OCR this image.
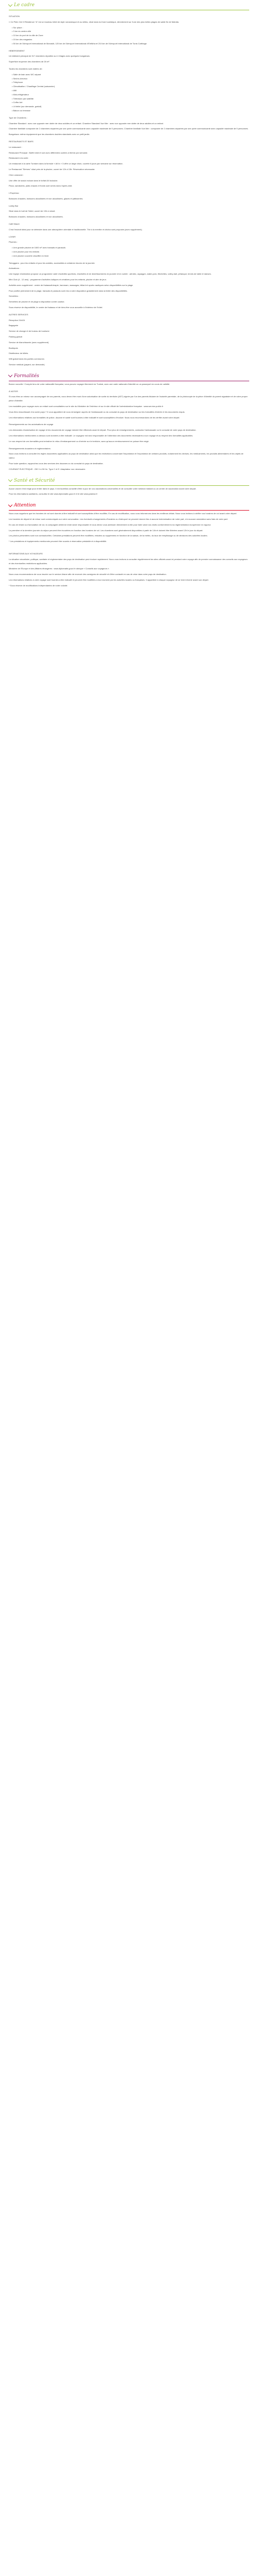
Le cadre

SITUATION

« Ce Plein Ciel II Résidence "A" est un bouleau hôtel de style romanesque et au milieu, situé dans la Zone touristique, directement sur l'une des plus belles plages de sable fin de Mahdia.

• Sur place :
• 3 km du centre-ville
• 10 km du port de la ville de Zone
• 15 km des magasins
• 50 km de l'Aéroport International de Monastir, 120 km de l'Aéroport International d'Enfidha et 210 km de l'Aéroport International de Tunis Carthage.

HEBERGEMENT

Un bâtiment principal de 317 chambres réparties sur 4 étages avec quelques bungalows.

Superficie moyenne des chambres de 28 m².

Toutes les chambres sont dotées de :

• Salle de bain avec WC séparé
• Sèche-cheveux
• Téléphone
• Climatisation / Chauffage Central (saisonnier)
• Wifi
• Mini-réfrigérateur
• Télévision par satellite
• Coffre-fort
• Lit bébé (sur demande, gratuit)
• Balcon ou terrasse

Type de Chambres :

Chambre Standard : avec vue opposée mer dotée de deux adultes et un enfant. Chambre Standard Vue Mer : avec vue opposée mer dotée de deux adultes et un enfant.

Chambre familiale composée de 2 chambres séparées par une porte communicante avec capacité maximale de 5 personnes. Chambre familiale Vue Mer : composée de 2 chambres séparées par une porte communicante avec capacité maximale de 5 personnes.

Bungalows: même équipement que les chambres doubles standards avec un petit jardin.

RESTAURANTS ET BARS

Le restaurant :

Restaurant Principal : Buffet midi et soir avec différentes soirées à thème par semaine.

Restaurant à la carte :

Un restaurant à la carte Tunisien dans la formule « All In » 3 offre un large choix, ouverte 6 jours par semaine sur réservation.

Le Restaurant "Sirènes" situé près de la piscine, ouvert de 12h à 15h. Réservation nécessaire.

Chez caravane :

Une offre de snack incluse dans le forfait All Inclusive.

Pizza, sandwichs, plats chauds et froids sont servis dans l'après-midi.

L'Espresso

Boissons chaudes, boissons alcoolisées et non alcoolisées, glaces et pâtisseries.

Lobby Bar

Situé dans le hall de l'hôtel, ouvert de 10h à minuit.

Boissons chaudes, boissons alcoolisées et non alcoolisées.

Café Maure

C'est l'endroit idéal pour se détendre dans une atmosphère orientale et traditionnelle. Thé à la menthe et chicha sont proposés (avec supplément).

LOISIR

Piscines :

• Une grande piscine de 1600 m² avec transats et parasols
• Une piscine pour les enfants
• Une piscine couverte chauffée en hiver

Toboggans : pour les enfants et pour les adultes, accessibles à certaines heures de la journée.

Animations :

Une équipe d'animation propose un programme varié d'activités sportives, d'activités et de divertissements en journée et en soirée : aérobic, aquagym, water-polo, fléchettes, volley-ball, pétanque, tennis de table et danses.

Mini Club (4 - 12 ans) : programme d'activités ludiques et créatives pour les enfants, piscine et aire de jeux.

Activités avec supplément : centre de thalassothérapie, hammam, massages, billard et sports nautiques selon disponibilités sur la plage.

Pour profiter pleinement de la plage, transats et parasols sont mis à votre disposition gratuitement dans la limite des disponibilités.

Serviettes :

Serviettes de piscine et de plage à disposition contre caution.

Sous réserve de disponibilité, le centre de thalasso et de bien-être vous accueille à l'intérieur de l'hôtel.

AUTRES SERVICES

Réception 24h/24

Bagagerie

Service de change et de bureau de tourisme

Parking gratuit

Service de blanchisserie (avec supplément)

Boutiques

Distributeur de billets

Wifi gratuit dans les parties communes

Service médical (payant, sur demande)

Formalités

Bonne nouvelle ! Compte tenu de votre nationalité française, vous pouvez voyager librement en Tunisie, avec une carte nationale d'identité ou un passeport en cours de validité.

À NOTER

Si vous êtes un mineur non accompagné de vos parents, vous devez être muni d'une autorisation de sortie du territoire (AST) signée par l'un des parents titulaire de l'autorité parentale, de la photocopie de la pièce d'identité du parent signataire et de votre propre pièce d'identité.

Les modalités pour voyager avec un enfant sont consultables sur le site du Ministère de l'Intérieur et sur le site officiel de l'administration française : www.service-public.fr

Vous êtes ressortissant d'un autre pays ? Il vous appartient de vous renseigner auprès de l'ambassade ou du consulat du pays de destination sur les formalités d'entrée et les documents requis.

Les informations relatives aux formalités de police, douane et santé sont fournies à titre indicatif et sont susceptibles d'évoluer. Nous vous recommandons de les vérifier avant votre départ.

Renseignements sur les autorisations de voyage

Les demandes d'autorisation de voyage et les documents de voyage doivent être effectués avant le départ. Pour plus de renseignements, contactez l'ambassade ou le consulat de votre pays de destination.

Les informations mentionnées ci-dessus sont données à titre indicatif. Le voyageur est seul responsable de l'obtention des documents nécessaires à son voyage et au respect des formalités applicables.

Le non-respect de ces formalités peut entraîner le refus d'embarquement ou d'entrée sur le territoire, sans qu'aucun remboursement ne puisse être exigé.

Renseignements douaniers et réglementaires

Nous vous invitons à consulter les règles douanières applicables au pays de destination ainsi que les restrictions concernant l'importation et l'exportation de certains produits, notamment les devises, les médicaments, les produits alimentaires et les objets de valeur.

Pour toute question, rapprochez-vous des services des douanes ou du consulat du pays de destination.

COURANT ÉLECTRIQUE : 230 V à 50 Hz. Type C et E. Adaptateur non nécessaire.

Santé et Sécurité

Aucun vaccin n'est exigé pour entrer dans le pays. Il est toutefois conseillé d'être à jour de vos vaccinations universelles et de consulter votre médecin traitant ou un centre de vaccination avant votre départ.

Pour les informations sanitaires, consultez le site www.diplomatie.gouv.fr et le site www.pasteur.fr

Attention

Nous vous rappelons que les horaires de vol sont donnés à titre indicatif et sont susceptibles d'être modifiés. En cas de modification, nous vous informerons dans les meilleurs délais. Nous vous invitons à vérifier vos horaires de vol avant votre départ.

Les horaires de départ et de retour sont communiqués sur votre convocation. Les éventuels changements d'horaires ou d'aéroport ne peuvent donner lieu à aucune indemnisation de notre part, ni à aucune annulation sans frais de votre part.

En cas de retard ou d'annulation de vol, la compagnie aérienne reste seule responsable et vous devez vous adresser directement à elle pour faire valoir vos droits conformément à la réglementation européenne en vigueur.

La première et la dernière journée du séjour peuvent être écourtées en fonction des horaires de vol. Les chambres sont généralement disponibles à partir de 14h et doivent être libérées avant 12h le jour du départ.

Les photos présentées sont non contractuelles. Certaines prestations peuvent être modifiées, réduites ou supprimées en fonction de la saison, de la météo, du taux de remplissage ou de décisions des autorités locales.

* Les prestations et équipements mentionnés peuvent être soumis à réservation préalable et à disponibilité.

INFORMATIONS AUX VOYAGEURS

La situation sécuritaire, politique, sanitaire et réglementaire des pays de destination peut évoluer rapidement. Nous vous invitons à consulter régulièrement les sites officiels avant et pendant votre voyage afin de prendre connaissance des conseils aux voyageurs et des éventuelles restrictions applicables.

Ministère de l'Europe et des Affaires étrangères : www.diplomatie.gouv.fr rubrique « Conseils aux voyageurs ».

Nous vous recommandons de vous inscrire sur le service Ariane afin de recevoir des consignes de sécurité et d'être contacté en cas de crise dans votre pays de destination.

Les informations relatives à votre voyage sont fournies à titre indicatif et peuvent être modifiées à tout moment par les autorités locales ou françaises. Il appartient à chaque voyageur de se tenir informé avant son départ.

* Sous réserve de modifications indépendantes de notre volonté.
